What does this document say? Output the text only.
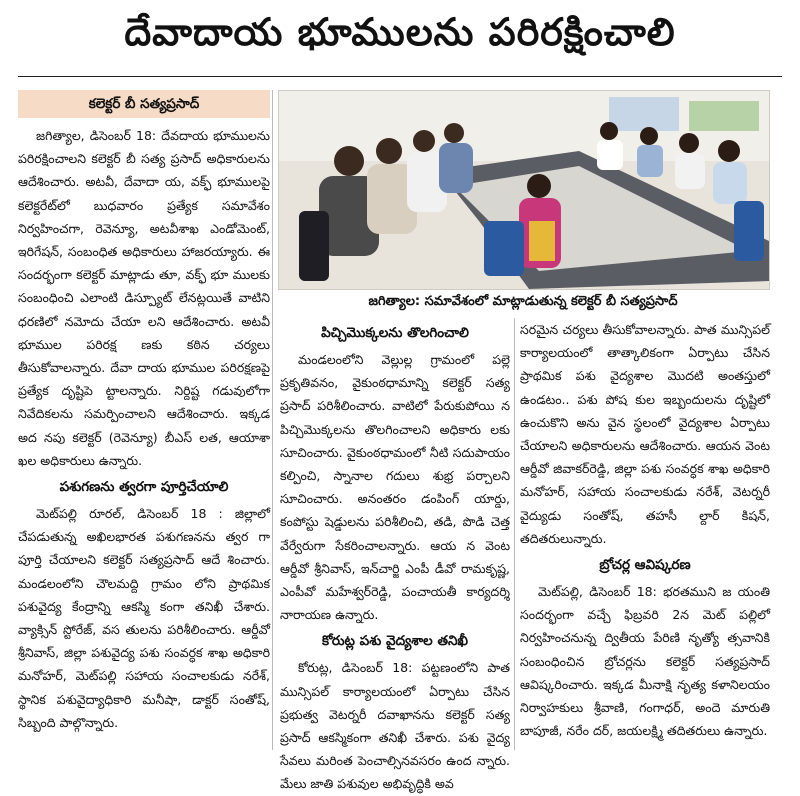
దేవాదాయ భూములను పరిరక్షించాలి
కలెక్టర్ బీ సత్యప్రసాద్

జగిత్యాల, డిసెంబర్ 18: దేవదాయ భూములను పరిరక్షించాలని కలెక్టర్ బీ సత్య ప్రసాద్ అధికారులను ఆదేశించారు. అటవీ, దేవాదా య, వక్ఫ్ భూములపై కలెక్టరేట్‌లో బుధవారం ప్రత్యేక సమావేశం నిర్వహించగా, రెవెన్యూ, అటవీశాఖ ఎండోమెంట్, ఇరిగేషన్, సంబంధిత అధికారులు హాజరయ్యారు. ఈ సందర్భంగా కలెక్టర్ మాట్లాడు తూ, వక్ఫ్ భూ ములకు సంబంధించి ఎలాంటి డిస్ప్యూట్ లేనట్లయితే వాటిని ధరణిలో నమోదు చేయా లని ఆదేశించారు. అటవీ భూముల పరిరక్ష ణకు కఠిన చర్యలు తీసుకోవాలన్నారు. దేవా దాయ భూముల పరిరక్షణపై ప్రత్యేక దృష్టిపె ట్టాలన్నారు. నిర్దిష్ట గడువులోగా నివేదికలను సమర్పించాలని ఆదేశించారు. ఇక్కడ అద నపు కలెక్టర్ (రెవెన్యూ) బీఎస్ లత, ఆయాశా ఖల అధికారులు ఉన్నారు.

పశుగణను త్వరగా పూర్తిచేయాలి

మెట్‌పల్లి రూరల్, డిసెంబర్ 18 : జిల్లాలో చేపడుతున్న అఖిలభారత పశుగణనను త్వర గా పూర్తి చేయాలని కలెక్టర్ సత్యప్రసాద్ ఆదే శించారు. మండలంలోని చౌలమద్ది గ్రామం లోని ప్రాథమిక పశువైద్య కేంద్రాన్ని ఆకస్మి కంగా తనిఖీ చేశారు. వ్యాక్సిన్ స్టోరేజ్, వస తులను పరిశీలించారు. ఆర్డీవో శ్రీనివాస్, జిల్లా పశువైద్య పశు సంవర్ధక శాఖ అధికారి మనోహర్, మెట్‌పల్లి సహాయ సంచాలకుడు నరేశ్, స్థానిక పశువైద్యాధికారి మనీషా, డాక్టర్ సంతోష్, సిబ్బంది పాల్గొన్నారు.

జగిత్యాల: సమావేశంలో మాట్లాడుతున్న కలెక్టర్ బీ సత్యప్రసాద్
పిచ్చిమొక్కలను తొలగించాలి

మండలంలోని వెల్లుల్ల గ్రామంలో పల్లె ప్రకృతివనం, వైకుంఠధామాన్ని కలెక్టర్ సత్య ప్రసాద్ పరిశీలించారు. వాటిలో పేరుకుపోయి న పిచ్చిమొక్కలను తొలగించాలని అధికారు లకు సూచించారు. వైకుంఠధామంలో నీటి సదుపాయం కల్పించి, స్నానాల గదులు శుభ్ర పర్చాలని సూచించారు. అనంతరం డంపింగ్ యార్డు, కంపోస్టు షెడ్డులను పరిశీలించి, తడి, పొడి చెత్త వేర్వేరుగా సేకరించాలన్నారు. ఆయ న వెంట ఆర్డీవో శ్రీనివాస్, ఇన్‌చార్జి ఎంపీ డీవో రామకృష్ణ, ఎంపీవో మహేశ్వర్‌రెడ్డి, పంచాయతీ కార్యదర్శి నారాయణ ఉన్నారు.

కోరుట్ల పశు వైద్యశాల తనిఖీ

కోరుట్ల, డిసెంబర్ 18: పట్టణంలోని పాత మున్సిపల్ కార్యాలయంలో ఏర్పాటు చేసిన ప్రభుత్వ వెటర్నరీ దవాఖానను కలెక్టర్ సత్య ప్రసాద్ ఆకస్మికంగా తనిఖీ చేశారు. పశు వైద్య సేవలు మరింత పెంచాల్సినవసరం ఉంద న్నారు. మేలు జాతి పశువుల అభివృద్ధికి అవ

సరమైన చర్యలు తీసుకోవాలన్నారు. పాత మున్సిపల్ కార్యాలయంలో తాత్కాలికంగా ఏర్పాటు చేసిన ప్రాథమిక పశు వైద్యశాల మొదటి అంతస్తులో ఉండటం.. పశు పోష కుల ఇబ్బందులను దృష్టిలో ఉంచుకొని అను వైన స్థలంలో వైద్యశాల ఏర్పాటు చేయాలని అధికారులను ఆదేశించారు. ఆయన వెంట ఆర్డీవో జివాకర్‌రెడ్డి, జిల్లా పశు సంవర్ధక శాఖ అధికారి మనోహర్, సహాయ సంచాలకుడు నరేశ్, వెటర్నరీ వైద్యుడు సంతోష్, తహసీ ల్దార్ కిషన్, తదితరులున్నారు.

బ్రోచర్ల ఆవిష్కరణ

మెట్‌పల్లి, డిసెంబర్ 18: భరతముని జ యంతి సందర్భంగా వచ్చే ఫిబ్రవరి 2న మెట్ పల్లిలో నిర్వహించనున్న ద్వితీయ పేరిణి నృత్యో త్సవానికి సంబంధించిన బ్రోచర్లను కలెక్టర్ సత్యప్రసాద్ ఆవిష్కరించారు. ఇక్కడ మీనాక్షి నృత్య కళానిలయం నిర్వాహకులు శ్రీవాణి, గంగాధర్, అందె మారుతి బాపూజీ, నరేం దర్, జయలక్ష్మి తదితరులు ఉన్నారు.
